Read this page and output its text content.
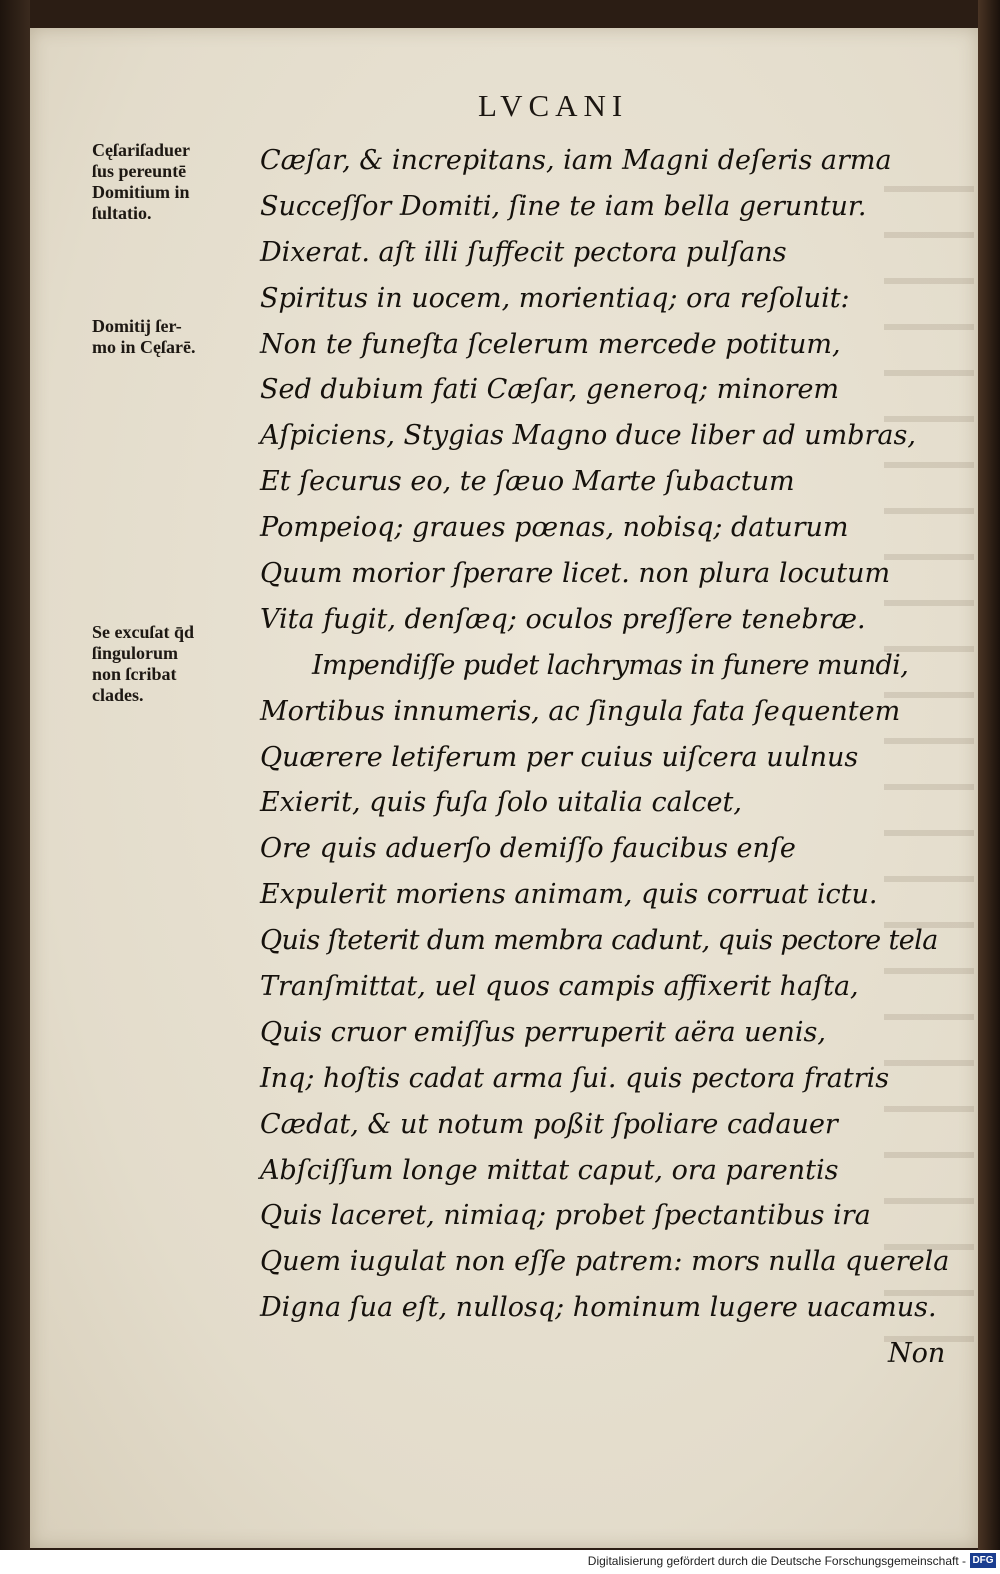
LVCANI
Cęſariſaduer
ſus pereuntē
Domitium in
ſultatio.
Domitij ſer-
mo in Cęſarē.
Se excuſat q̄d
ſingulorum
non ſcribat
clades.
Cæſar, & increpitans, iam Magni deſeris arma
Succeſſor Domiti, ſine te iam bella geruntur.
Dixerat. aſt illi ſuffecit pectora pulſans
Spiritus in uocem, morientiaq; ora reſoluit:
Non te funeſta ſcelerum mercede potitum,
Sed dubium fati Cæſar, generoq; minorem
Aſpiciens, Stygias Magno duce liber ad umbras,
Et ſecurus eo, te ſæuo Marte ſubactum
Pompeioq; graues pœnas, nobisq; daturum
Quum morior ſperare licet. non plura locutum
Vita fugit, denſæq; oculos preſſere tenebræ.
Impendiſſe pudet lachrymas in funere mundi,
Mortibus innumeris, ac ſingula fata ſequentem
Quærere letiferum per cuius uiſcera uulnus
Exierit, quis fuſa ſolo uitalia calcet,
Ore quis aduerſo demiſſo faucibus enſe
Expulerit moriens animam, quis corruat ictu.
Quis ſteterit dum membra cadunt, quis pectore tela
Tranſmittat, uel quos campis affixerit haſta,
Quis cruor emiſſus perruperit aëra uenis,
Inq; hoſtis cadat arma ſui. quis pectora fratris
Cædat, & ut notum poßit ſpoliare cadauer
Abſciſſum longe mittat caput, ora parentis
Quis laceret, nimiaq; probet ſpectantibus ira
Quem iugulat non eſſe patrem: mors nulla querela
Digna ſua eſt, nullosq; hominum lugere uacamus.
Non
Digitalisierung gefördert durch die Deutsche Forschungsgemeinschaft - DFG
